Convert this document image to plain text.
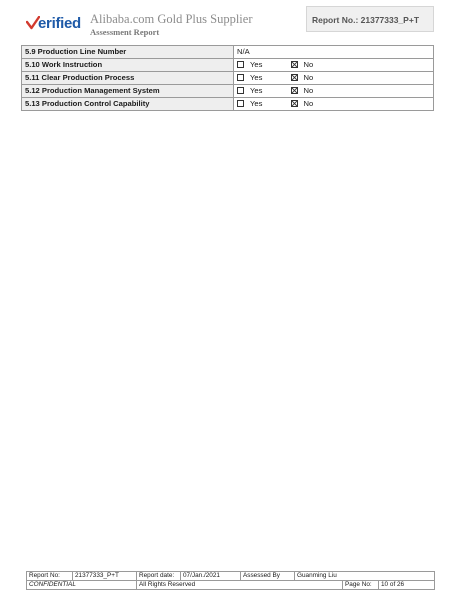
erified Alibaba.com Gold Plus Supplier
Assessment Report
Report No.: 21377333_P+T
5.9 Production Line Number	N/A
5.10 Work Instruction	Yes
No

5.11 Clear Production Process	Yes
No

5.12 Production Management System	Yes
No

5.13 Production Control Capability	Yes
No
Report No:	21377333_P+T	Report date:	07/Jan./2021	Assessed By	Guanming Liu		
CONFIDENTIAL		All Rights Reserved				Page No:	10 of 26
